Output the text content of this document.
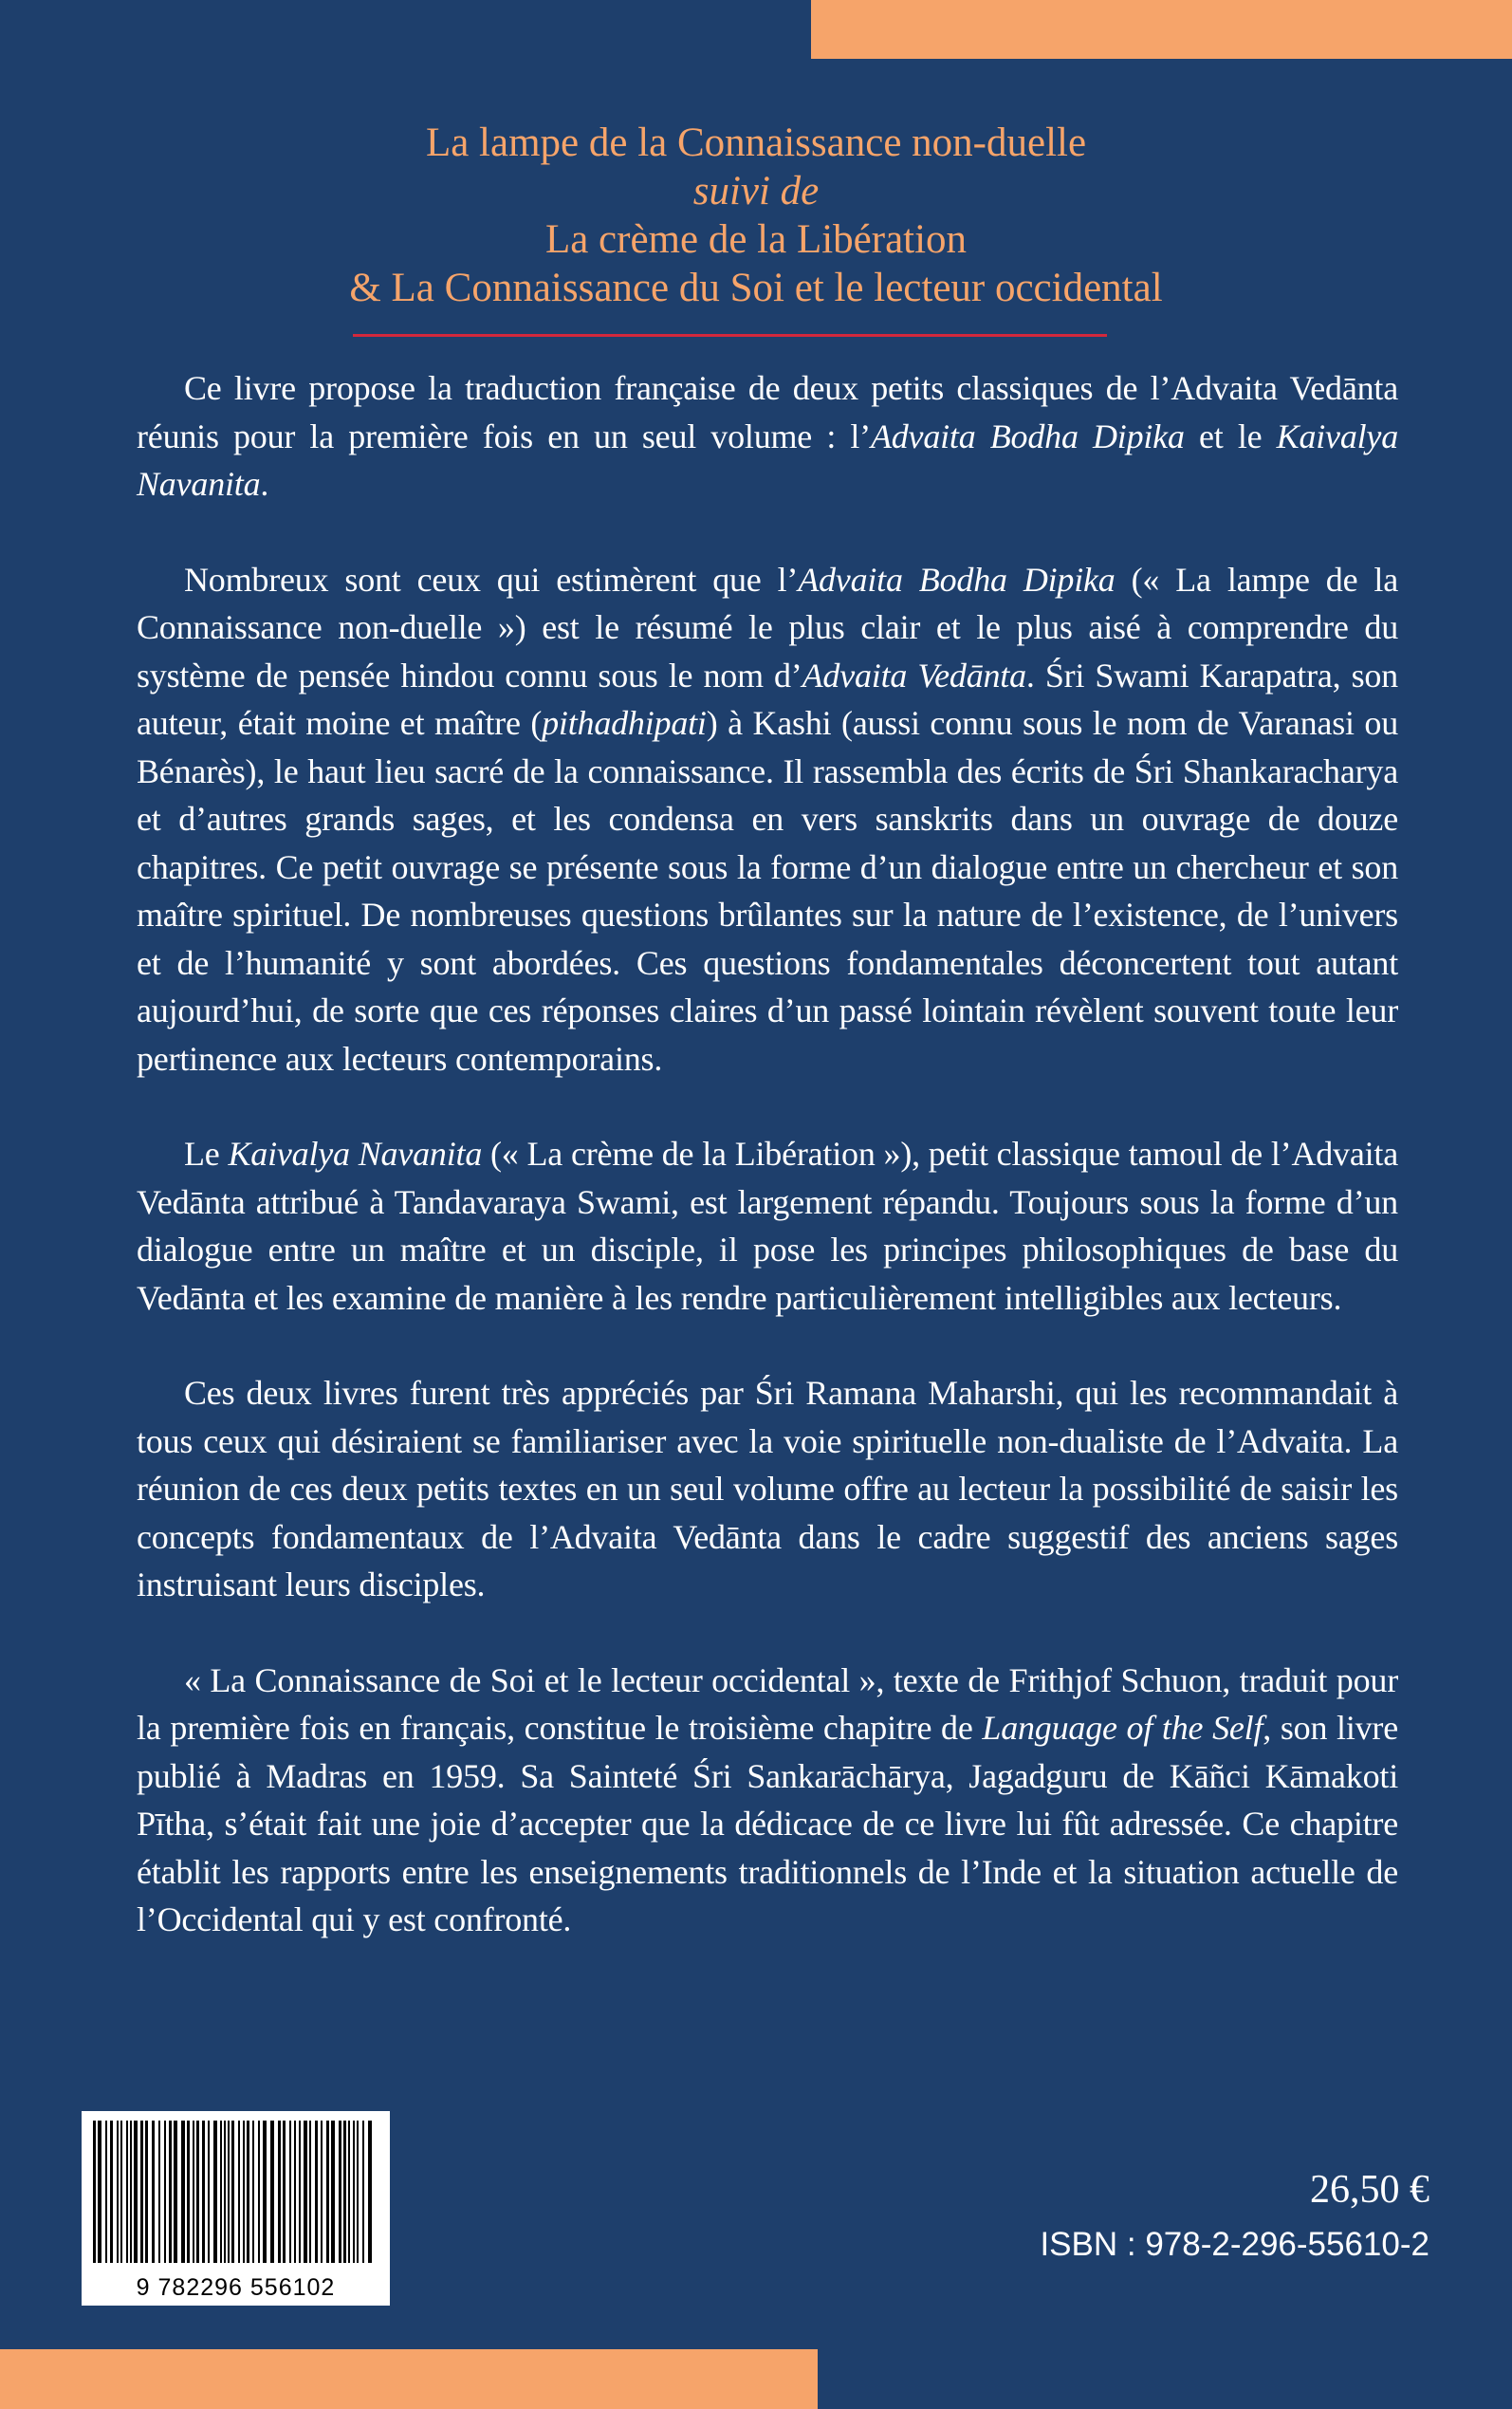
La lampe de la Connaissance non-duelle
suivi de
La crème de la Libération
& La Connaissance du Soi et le lecteur occidental

Ce livre propose la traduction française de deux petits classiques de l’Advaita Vedānta réunis pour la première fois en un seul volume : l’Advaita Bodha Dipika et le Kaivalya Navanita.

Nombreux sont ceux qui estimèrent que l’Advaita Bodha Dipika (« La lampe de la Connaissance non-duelle ») est le résumé le plus clair et le plus aisé à comprendre du système de pensée hindou connu sous le nom d’Advaita Vedānta. Śri Swami Karapatra, son auteur, était moine et maître (pithadhipati) à Kashi (aussi connu sous le nom de Varanasi ou Bénarès), le haut lieu sacré de la connaissance. Il rassembla des écrits de Śri Shankaracharya et d’autres grands sages, et les condensa en vers sanskrits dans un ouvrage de douze chapitres. Ce petit ouvrage se présente sous la forme d’un dialogue entre un chercheur et son maître spirituel. De nombreuses questions brûlantes sur la nature de l’existence, de l’univers et de l’humanité y sont abordées. Ces questions fondamentales déconcertent tout autant aujourd’hui, de sorte que ces réponses claires d’un passé lointain révèlent souvent toute leur pertinence aux lecteurs contemporains.

Le Kaivalya Navanita (« La crème de la Libération »), petit classique tamoul de l’Advaita Vedānta attribué à Tandavaraya Swami, est largement répandu. Toujours sous la forme d’un dialogue entre un maître et un disciple, il pose les principes philosophiques de base du Vedānta et les examine de manière à les rendre particulièrement intelligibles aux lecteurs.

Ces deux livres furent très appréciés par Śri Ramana Maharshi, qui les recommandait à tous ceux qui désiraient se familiariser avec la voie spirituelle non-dualiste de l’Advaita. La réunion de ces deux petits textes en un seul volume offre au lecteur la possibilité de saisir les concepts fondamentaux de l’Advaita Vedānta dans le cadre suggestif des anciens sages instruisant leurs disciples.

« La Connaissance de Soi et le lecteur occidental », texte de Frithjof Schuon, traduit pour la première fois en français, constitue le troisième chapitre de Language of the Self, son livre publié à Madras en 1959. Sa Sainteté Śri Sankarāchārya, Jagadguru de Kāñci Kāmakoti Pītha, s’était fait une joie d’accepter que la dédicace de ce livre lui fût adressée. Ce chapitre établit les rapports entre les enseignements traditionnels de l’Inde et la situation actuelle de l’Occidental qui y est confronté.

9 782296 556102
26,50 €
ISBN : 978-2-296-55610-2
